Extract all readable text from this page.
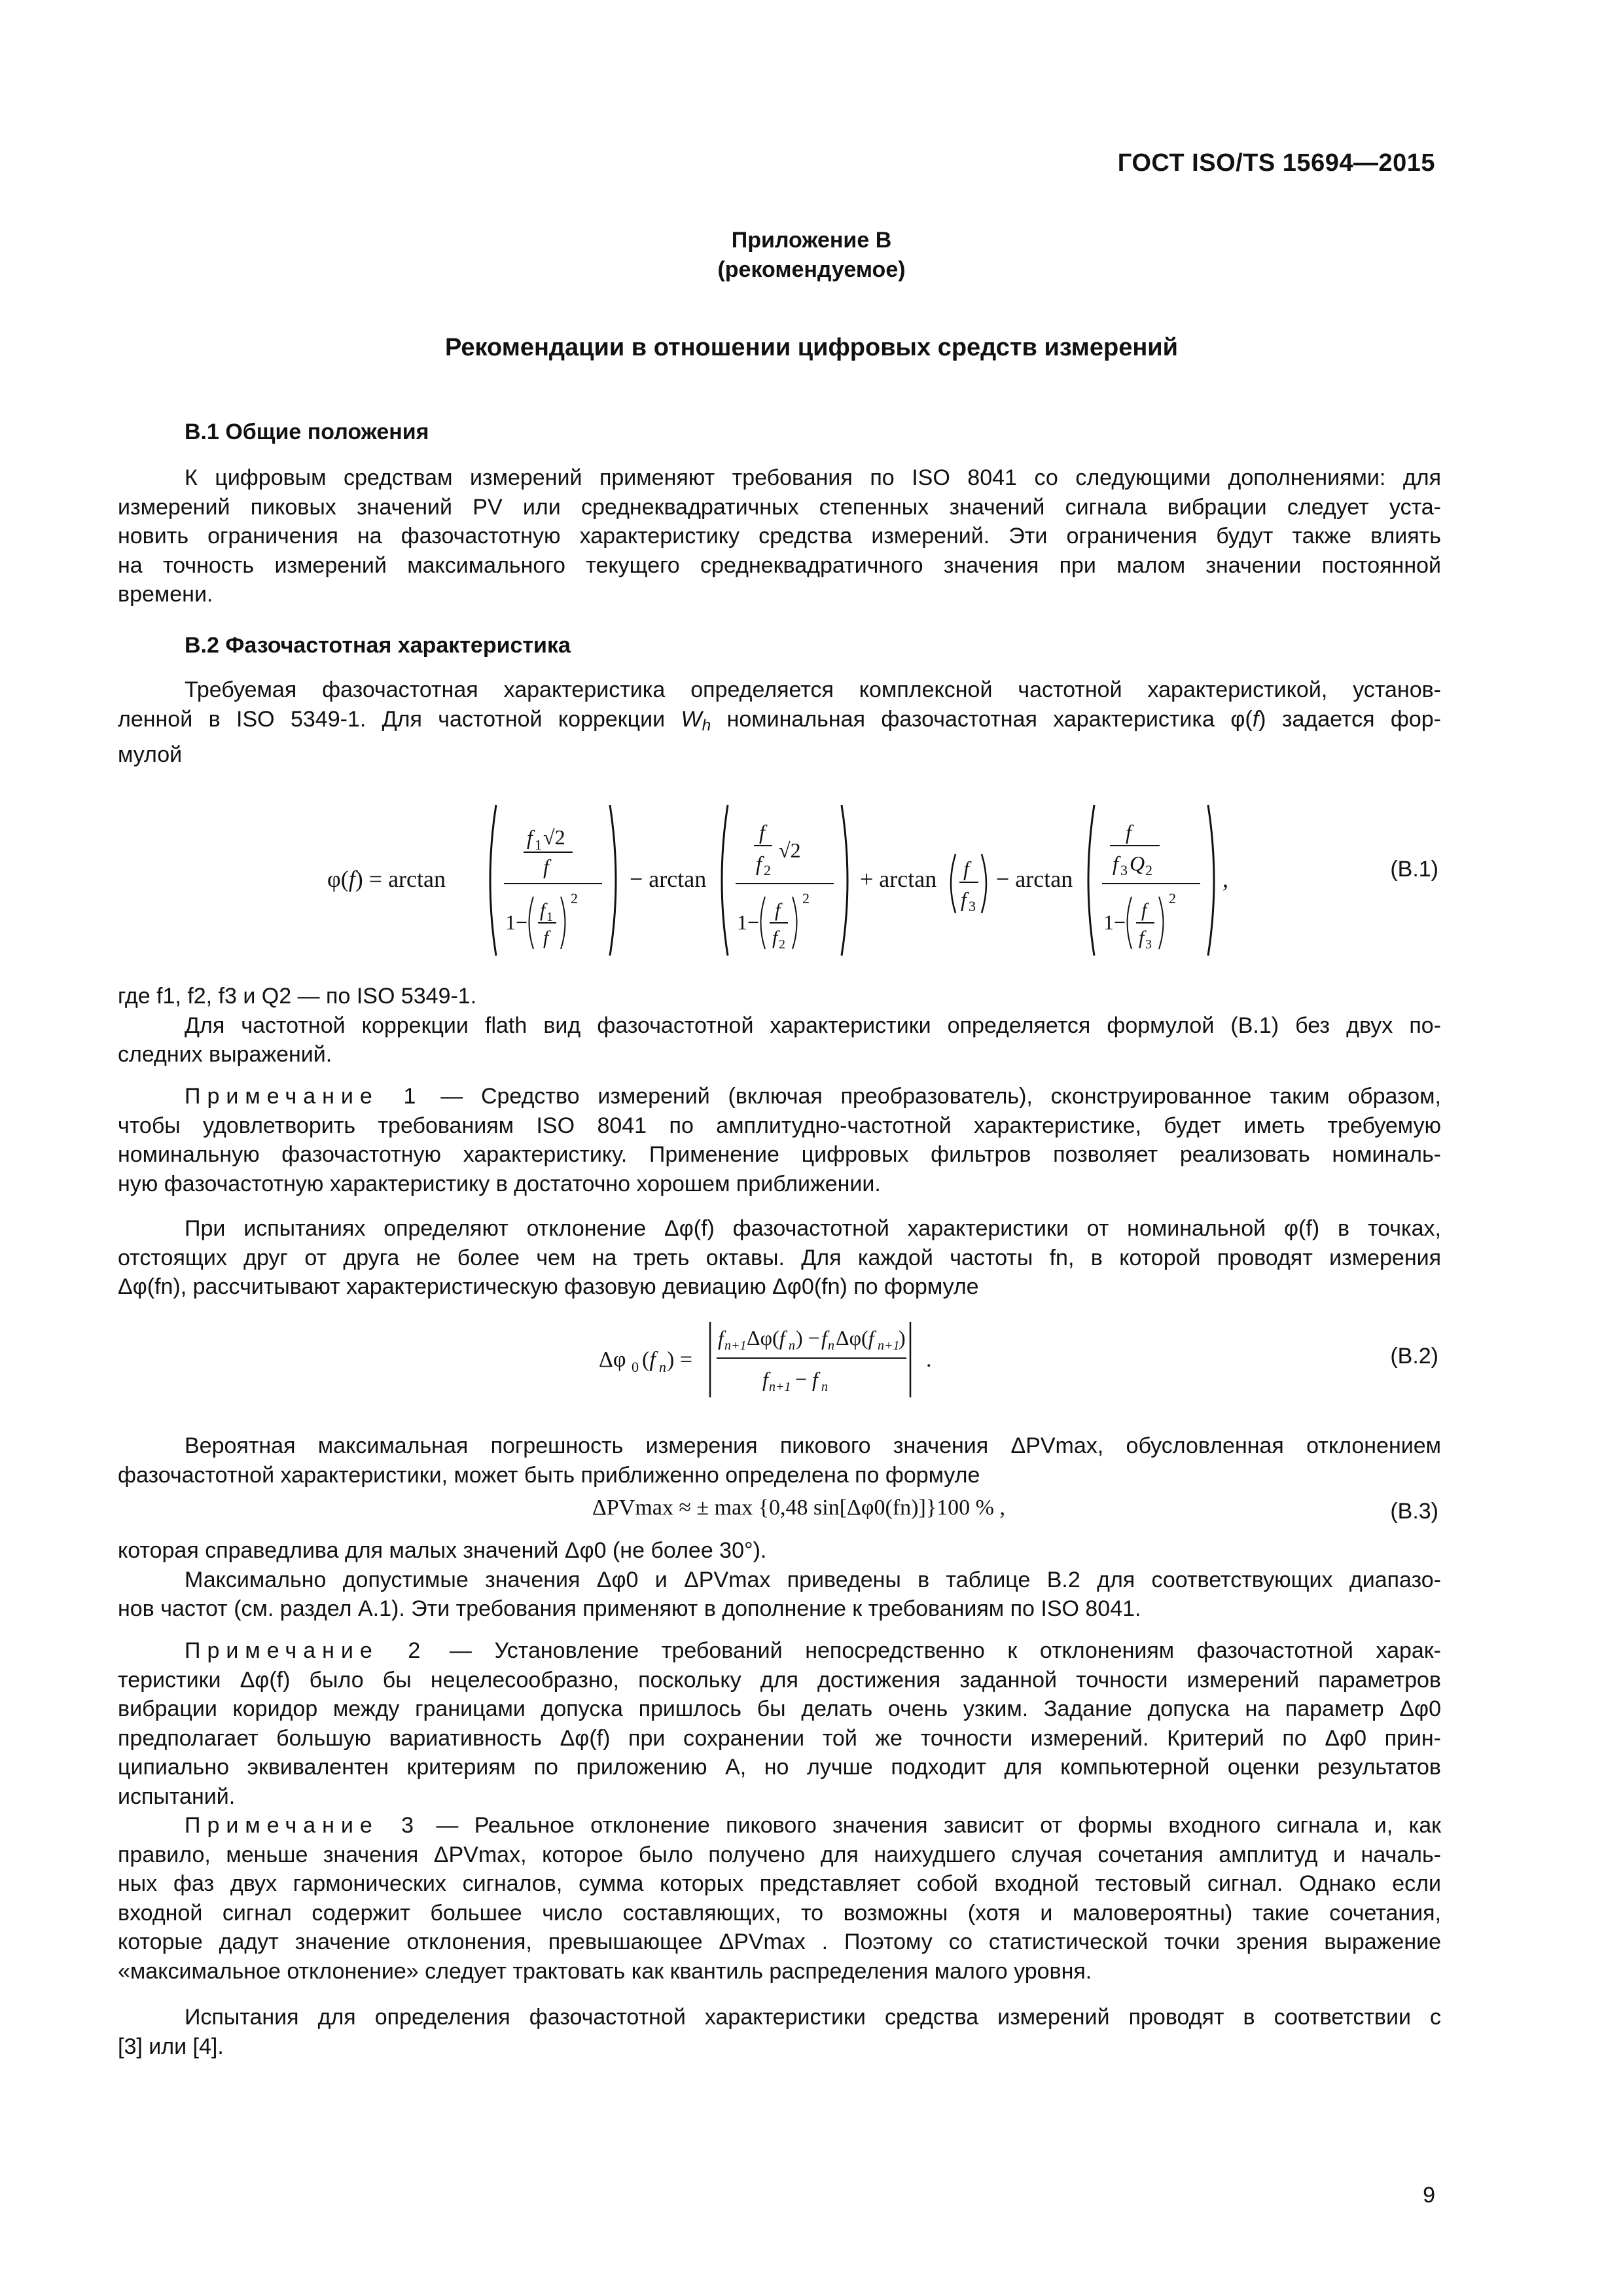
ГОСТ ISO/TS 15694—2015
Приложение В
(рекомендуемое)
Рекомендации в отношении цифровых средств измерений
В.1 Общие положения
К цифровым средствам измерений применяют требования по ISO 8041 со следующими дополнениями: для
измерений пиковых значений PV или среднеквадратичных степенных значений сигнала вибрации следует уста-
новить ограничения на фазочастотную характеристику средства измерений. Эти ограничения будут также влиять
на точность измерений максимального текущего среднеквадратичного значения при малом значении постоянной
времени.
В.2 Фазочастотная характеристика
Требуемая фазочастотная характеристика определяется комплексной частотной характеристикой, установ-
ленной в ISO 5349-1. Для частотной коррекции $W_h$ номинальная фазочастотная характеристика φ(f) задается фор-
мулой
φ(f) = arctan
f 1 √2
f
1−
f 1
f
2
− arctan
f
f 2
√2
1−
f
f 2
2
+ arctan f
f 3
− arctan
f
f 3 Q 2
1−
f
f 3
2
,	(В.1)
где f1, f2, f3 и Q2 — по ISO 5349-1.
Для частотной коррекции flath вид фазочастотной характеристики определяется формулой (В.1) без двух по-
следних выражений.
Примечание 1 — Средство измерений (включая преобразователь), сконструированное таким образом,
чтобы удовлетворить требованиям ISO 8041 по амплитудно-частотной характеристике, будет иметь требуемую
номинальную фазочастотную характеристику. Применение цифровых фильтров позволяет реализовать номиналь-
ную фазочастотную характеристику в достаточно хорошем приближении.
При испытаниях определяют отклонение Δφ(f) фазочастотной характеристики от номинальной φ(f) в точках,
отстоящих друг от друга не более чем на треть октавы. Для каждой частоты fn, в которой проводят измерения
Δφ(fn), рассчитывают характеристическую фазовую девиацию Δφ0(fn) по формуле
Δφ 0 (f n ) =
f n+1 Δφ(f n ) − f n Δφ(f n+1
)
f n+1 − f n
.	(В.2)
Вероятная максимальная погрешность измерения пикового значения ΔPVmax, обусловленная отклонением
фазочастотной характеристики, может быть приближенно определена по формуле
ΔPVmax ≈ ± max {0,48 sin[Δφ0(fn)]}100 % ,	(В.3)
которая справедлива для малых значений Δφ0 (не более 30°).
Максимально допустимые значения Δφ0 и ΔPVmax приведены в таблице В.2 для соответствующих диапазо-
нов частот (см. раздел А.1). Эти требования применяют в дополнение к требованиям по ISO 8041.
Примечание 2 — Установление требований непосредственно к отклонениям фазочастотной харак-
теристики Δφ(f) было бы нецелесообразно, поскольку для достижения заданной точности измерений параметров
вибрации коридор между границами допуска пришлось бы делать очень узким. Задание допуска на параметр Δφ0
предполагает большую вариативность Δφ(f) при сохранении той же точности измерений. Критерий по Δφ0 прин-
ципиально эквивалентен критериям по приложению А, но лучше подходит для компьютерной оценки результатов
испытаний.
Примечание 3 — Реальное отклонение пикового значения зависит от формы входного сигнала и, как
правило, меньше значения ΔPVmax, которое было получено для наихудшего случая сочетания амплитуд и началь-
ных фаз двух гармонических сигналов, сумма которых представляет собой входной тестовый сигнал. Однако если
входной сигнал содержит большее число составляющих, то возможны (хотя и маловероятны) такие сочетания,
которые дадут значение отклонения, превышающее ΔPVmax . Поэтому со статистической точки зрения выражение
«максимальное отклонение» следует трактовать как квантиль распределения малого уровня.
Испытания для определения фазочастотной характеристики средства измерений проводят в соответствии с
[3] или [4].
9
